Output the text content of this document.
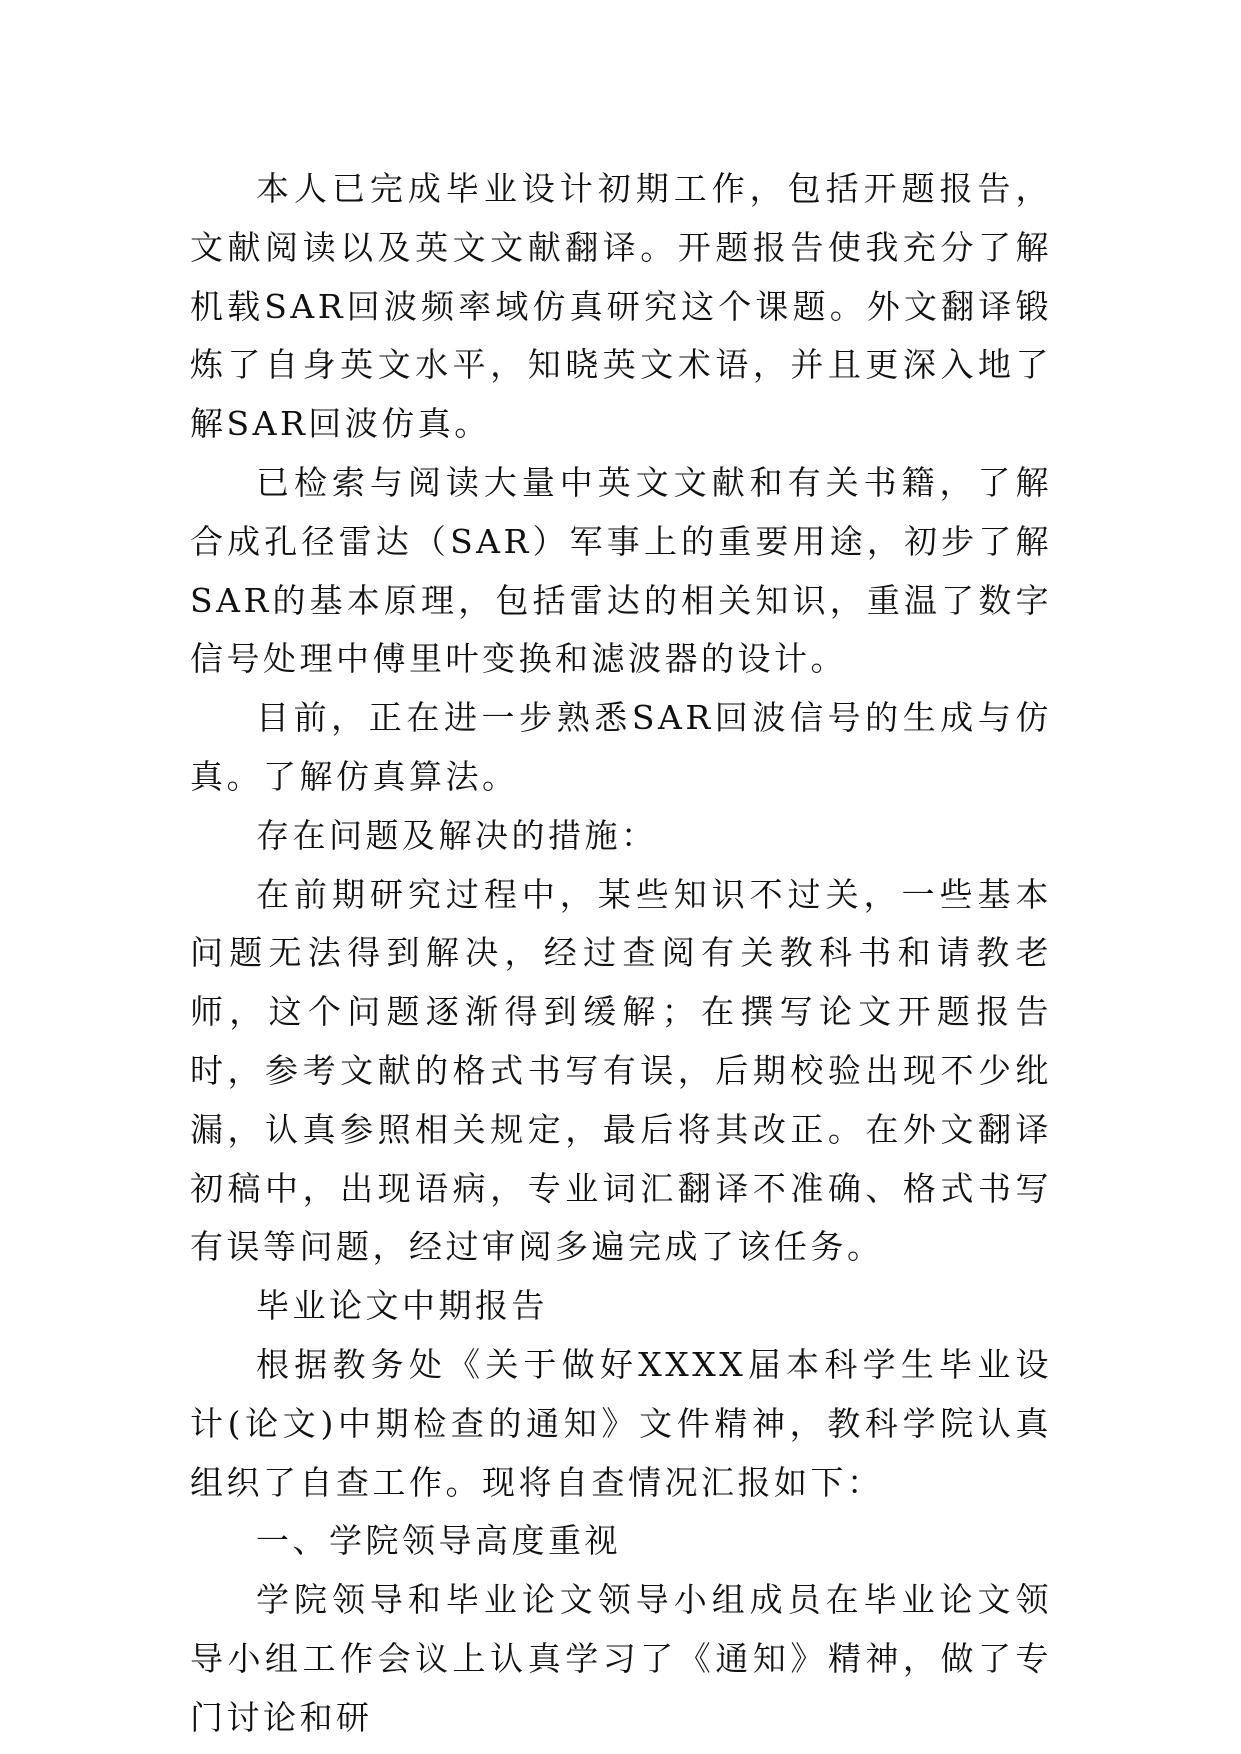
本人已完成毕业设计初期工作，包括开题报告，文献阅读以及英文文献翻译。开题报告使我充分了解机载SAR回波频率域仿真研究这个课题。外文翻译锻炼了自身英文水平，知晓英文术语，并且更深入地了解SAR回波仿真。

已检索与阅读大量中英文文献和有关书籍，了解合成孔径雷达（SAR）军事上的重要用途，初步了解SAR的基本原理，包括雷达的相关知识，重温了数字信号处理中傅里叶变换和滤波器的设计。

目前，正在进一步熟悉SAR回波信号的生成与仿真。了解仿真算法。

存在问题及解决的措施：

在前期研究过程中，某些知识不过关，一些基本问题无法得到解决，经过查阅有关教科书和请教老师，这个问题逐渐得到缓解；在撰写论文开题报告时，参考文献的格式书写有误，后期校验出现不少纰漏，认真参照相关规定，最后将其改正。在外文翻译初稿中，出现语病，专业词汇翻译不准确、格式书写有误等问题，经过审阅多遍完成了该任务。

毕业论文中期报告

根据教务处《关于做好XXXX届本科学生毕业设计(论文)中期检查的通知》文件精神，教科学院认真组织了自查工作。现将自查情况汇报如下：

一、学院领导高度重视

学院领导和毕业论文领导小组成员在毕业论文领导小组工作会议上认真学习了《通知》精神，做了专门讨论和研
